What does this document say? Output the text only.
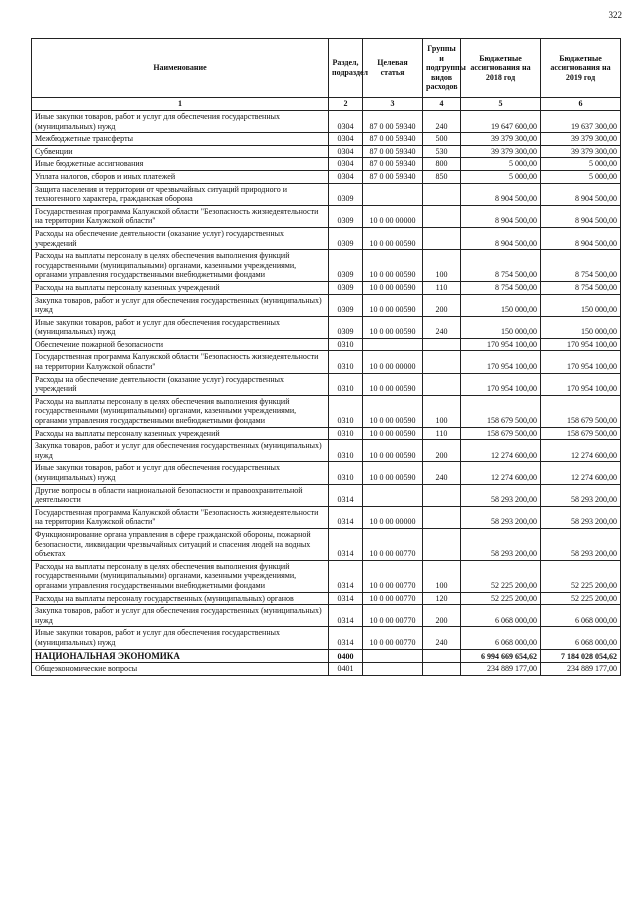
322
Наименование	Раздел, подраздел	Целевая статья	Группы и подгруппы видов расходов	Бюджетные ассигнования на 2018 год	Бюджетные ассигнования на 2019 год
1	2	3	4	5	6
Иные закупки товаров, работ и услуг для обеспечения государственных (муниципальных) нужд	0304	87 0 00 59340	240	19 647 600,00	19 637 300,00
Межбюджетные трансферты	0304	87 0 00 59340	500	39 379 300,00	39 379 300,00
Субвенции	0304	87 0 00 59340	530	39 379 300,00	39 379 300,00
Иные бюджетные ассигнования	0304	87 0 00 59340	800	5 000,00	5 000,00
Уплата налогов, сборов и иных платежей	0304	87 0 00 59340	850	5 000,00	5 000,00
Защита населения и территории от чрезвычайных ситуаций природного и техногенного характера, гражданская оборона	0309			8 904 500,00	8 904 500,00
Государственная программа Калужской области "Безопасность жизнедеятельности на территории Калужской области"	0309	10 0 00 00000		8 904 500,00	8 904 500,00
Расходы на обеспечение деятельности (оказание услуг) государственных учреждений	0309	10 0 00 00590		8 904 500,00	8 904 500,00
Расходы на выплаты персоналу в целях обеспечения выполнения функций государственными (муниципальными) органами, казенными учреждениями, органами управления государственными внебюджетными фондами	0309	10 0 00 00590	100	8 754 500,00	8 754 500,00
Расходы на выплаты персоналу казенных учреждений	0309	10 0 00 00590	110	8 754 500,00	8 754 500,00
Закупка товаров, работ и услуг для обеспечения государственных (муниципальных) нужд	0309	10 0 00 00590	200	150 000,00	150 000,00
Иные закупки товаров, работ и услуг для обеспечения государственных (муниципальных) нужд	0309	10 0 00 00590	240	150 000,00	150 000,00
Обеспечение пожарной безопасности	0310			170 954 100,00	170 954 100,00
Государственная программа Калужской области "Безопасность жизнедеятельности на территории Калужской области"	0310	10 0 00 00000		170 954 100,00	170 954 100,00
Расходы на обеспечение деятельности (оказание услуг) государственных учреждений	0310	10 0 00 00590		170 954 100,00	170 954 100,00
Расходы на выплаты персоналу в целях обеспечения выполнения функций государственными (муниципальными) органами, казенными учреждениями, органами управления государственными внебюджетными фондами	0310	10 0 00 00590	100	158 679 500,00	158 679 500,00
Расходы на выплаты персоналу казенных учреждений	0310	10 0 00 00590	110	158 679 500,00	158 679 500,00
Закупка товаров, работ и услуг для обеспечения государственных (муниципальных) нужд	0310	10 0 00 00590	200	12 274 600,00	12 274 600,00
Иные закупки товаров, работ и услуг для обеспечения государственных (муниципальных) нужд	0310	10 0 00 00590	240	12 274 600,00	12 274 600,00
Другие вопросы в области национальной безопасности и правоохранительной деятельности	0314			58 293 200,00	58 293 200,00
Государственная программа Калужской области "Безопасность жизнедеятельности на территории Калужской области"	0314	10 0 00 00000		58 293 200,00	58 293 200,00
Функционирование органа управления в сфере гражданской обороны, пожарной безопасности, ликвидации чрезвычайных ситуаций и спасения людей на водных объектах	0314	10 0 00 00770		58 293 200,00	58 293 200,00
Расходы на выплаты персоналу в целях обеспечения выполнения функций государственными (муниципальными) органами, казенными учреждениями, органами управления государственными внебюджетными фондами	0314	10 0 00 00770	100	52 225 200,00	52 225 200,00
Расходы на выплаты персоналу государственных (муниципальных) органов	0314	10 0 00 00770	120	52 225 200,00	52 225 200,00
Закупка товаров, работ и услуг для обеспечения государственных (муниципальных) нужд	0314	10 0 00 00770	200	6 068 000,00	6 068 000,00
Иные закупки товаров, работ и услуг для обеспечения государственных (муниципальных) нужд	0314	10 0 00 00770	240	6 068 000,00	6 068 000,00
НАЦИОНАЛЬНАЯ ЭКОНОМИКА	0400			6 994 669 654,62	7 184 028 054,62
Общеэкономические вопросы	0401			234 889 177,00	234 889 177,00
